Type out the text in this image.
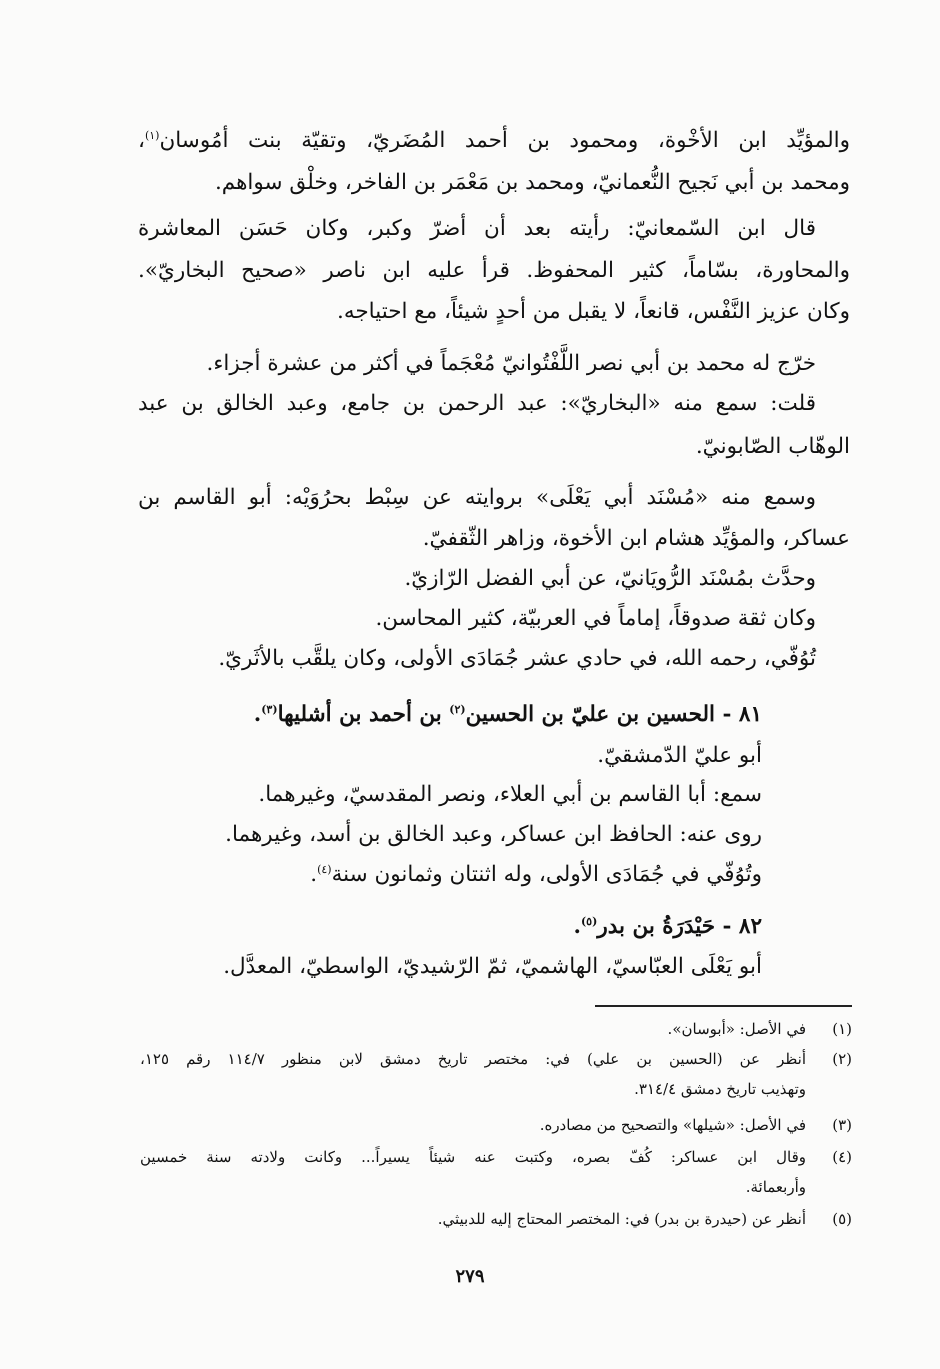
والمؤيِّد ابن الأخْوة، ومحمود بن أحمد المُضَريّ، وتقيّة بنت أمُوسان$^{(١)}$،
ومحمد بن أبي نَجيح النُّعمانيّ، ومحمد بن مَعْمَر بن الفاخر، وخلْق سواهم.
قال ابن السّمعانيّ: رأيته بعد أن أضرّ وكبر، وكان حَسَن المعاشرة
والمحاورة، بسّاماً، كثير المحفوظ. قرأ عليه ابن ناصر «صحيح البخاريّ».
وكان عزيز النَّفْس، قانعاً، لا يقبل من أحدٍ شيئاً، مع احتياجه.
خرّج له محمد بن أبي نصر اللَّفْتُوانيّ مُعْجَماً في أكثر من عشرة أجزاء.
قلت: سمع منه «البخاريّ»: عبد الرحمن بن جامع، وعبد الخالق بن عبد
الوهّاب الصّابونيّ.
وسمع منه «مُسْنَد أبي يَعْلَى» بروايته عن سِبْط بحرُوَيْه: أبو القاسم بن
عساكر، والمؤيِّد هشام ابن الأخوة، وزاهر الثّقفيّ.
وحدَّث بمُسْنَد الرُّويَانيّ، عن أبي الفضل الرّازيّ.
وكان ثقة صدوقاً، إماماً في العربيّة، كثير المحاسن.
تُوُفّي، رحمه الله، في حادي عشر جُمَادَى الأولى، وكان يلقَّب بالأثَريّ.
٨١ - الحسين بن عليّ بن الحسين$^{(٢)}$ بن أحمد بن أشليها$^{(٣)}$.
أبو عليّ الدّمشقيّ.
سمع: أبا القاسم بن أبي العلاء، ونصر المقدسيّ، وغيرهما.
روى عنه: الحافظ ابن عساكر، وعبد الخالق بن أسد، وغيرهما.
وتُوُفّي في جُمَادَى الأولى، وله اثنتان وثمانون سنة$^{(٤)}$.
٨٢ - حَيْدَرَةُ بن بدر$^{(٥)}$.
أبو يَعْلَى العبّاسيّ، الهاشميّ، ثمّ الرّشيديّ، الواسطيّ، المعدَّل.
(١)
في الأصل: «أبوسان».
(٢)
أنظر عن (الحسين بن علي) في: مختصر تاريخ دمشق لابن منظور ١١٤/٧ رقم ١٢٥،
وتهذيب تاريخ دمشق ٣١٤/٤.
(٣)
في الأصل: «شيلها» والتصحيح من مصادره.
(٤)
وقال ابن عساكر: كُفّ بصره، وكتبت عنه شيئاً يسيراً... وكانت ولادته سنة خمسين
وأربعمائة.
(٥)
أنظر عن (حيدرة بن بدر) في: المختصر المحتاج إليه للدبيثي.
٢٧٩
